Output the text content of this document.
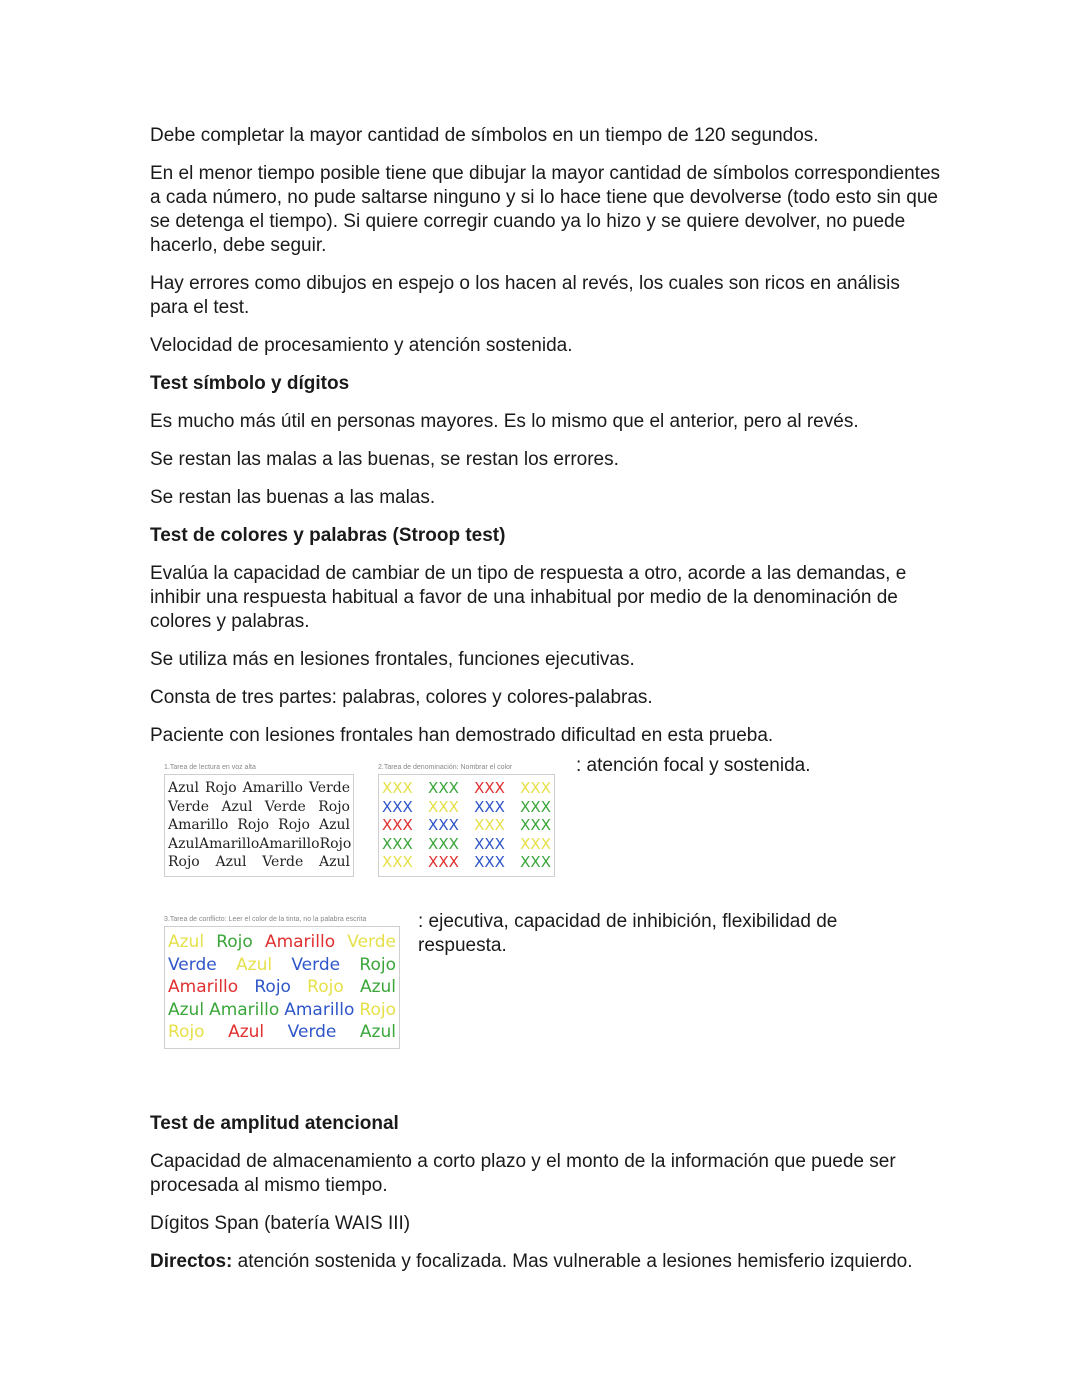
Debe completar la mayor cantidad de símbolos en un tiempo de 120 segundos.

En el menor tiempo posible tiene que dibujar la mayor cantidad de símbolos correspondientes a cada número, no pude saltarse ninguno y si lo hace tiene que devolverse (todo esto sin que se detenga el tiempo). Si quiere corregir cuando ya lo hizo y se quiere devolver, no puede hacerlo, debe seguir.

Hay errores como dibujos en espejo o los hacen al revés, los cuales son ricos en análisis para el test.

Velocidad de procesamiento y atención sostenida.

Test símbolo y dígitos

Es mucho más útil en personas mayores. Es lo mismo que el anterior, pero al revés.

Se restan las malas a las buenas, se restan los errores.

Se restan las buenas a las malas.

Test de colores y palabras (Stroop test)

Evalúa la capacidad de cambiar de un tipo de respuesta a otro, acorde a las demandas, e inhibir una respuesta habitual a favor de una inhabitual por medio de la denominación de colores y palabras.

Se utiliza más en lesiones frontales, funciones ejecutivas.

Consta de tres partes: palabras, colores y colores-palabras.

Paciente con lesiones frontales han demostrado dificultad en esta prueba.

1.Tarea de lectura en voz alta
Azul Rojo Amarillo Verde
Verde Azul Verde Rojo
Amarillo Rojo Rojo Azul
Azul Amarillo Amarillo Rojo
Rojo Azul Verde Azul
2.Tarea de denominación: Nombrar el color
XXX XXX XXX XXX
XXX XXX XXX XXX
XXX XXX XXX XXX
XXX XXX XXX XXX
XXX XXX XXX XXX
: atención focal y sostenida.
3.Tarea de conflicto: Leer el color de la tinta, no la palabra escrita
Azul Rojo Amarillo Verde
Verde Azul Verde Rojo
Amarillo Rojo Rojo Azul
Azul Amarillo Amarillo Rojo
Rojo Azul Verde Azul
: ejecutiva, capacidad de inhibición, flexibilidad de respuesta.

Test de amplitud atencional

Capacidad de almacenamiento a corto plazo y el monto de la información que puede ser procesada al mismo tiempo.

Dígitos Span (batería WAIS III)

Directos: atención sostenida y focalizada. Mas vulnerable a lesiones hemisferio izquierdo.
